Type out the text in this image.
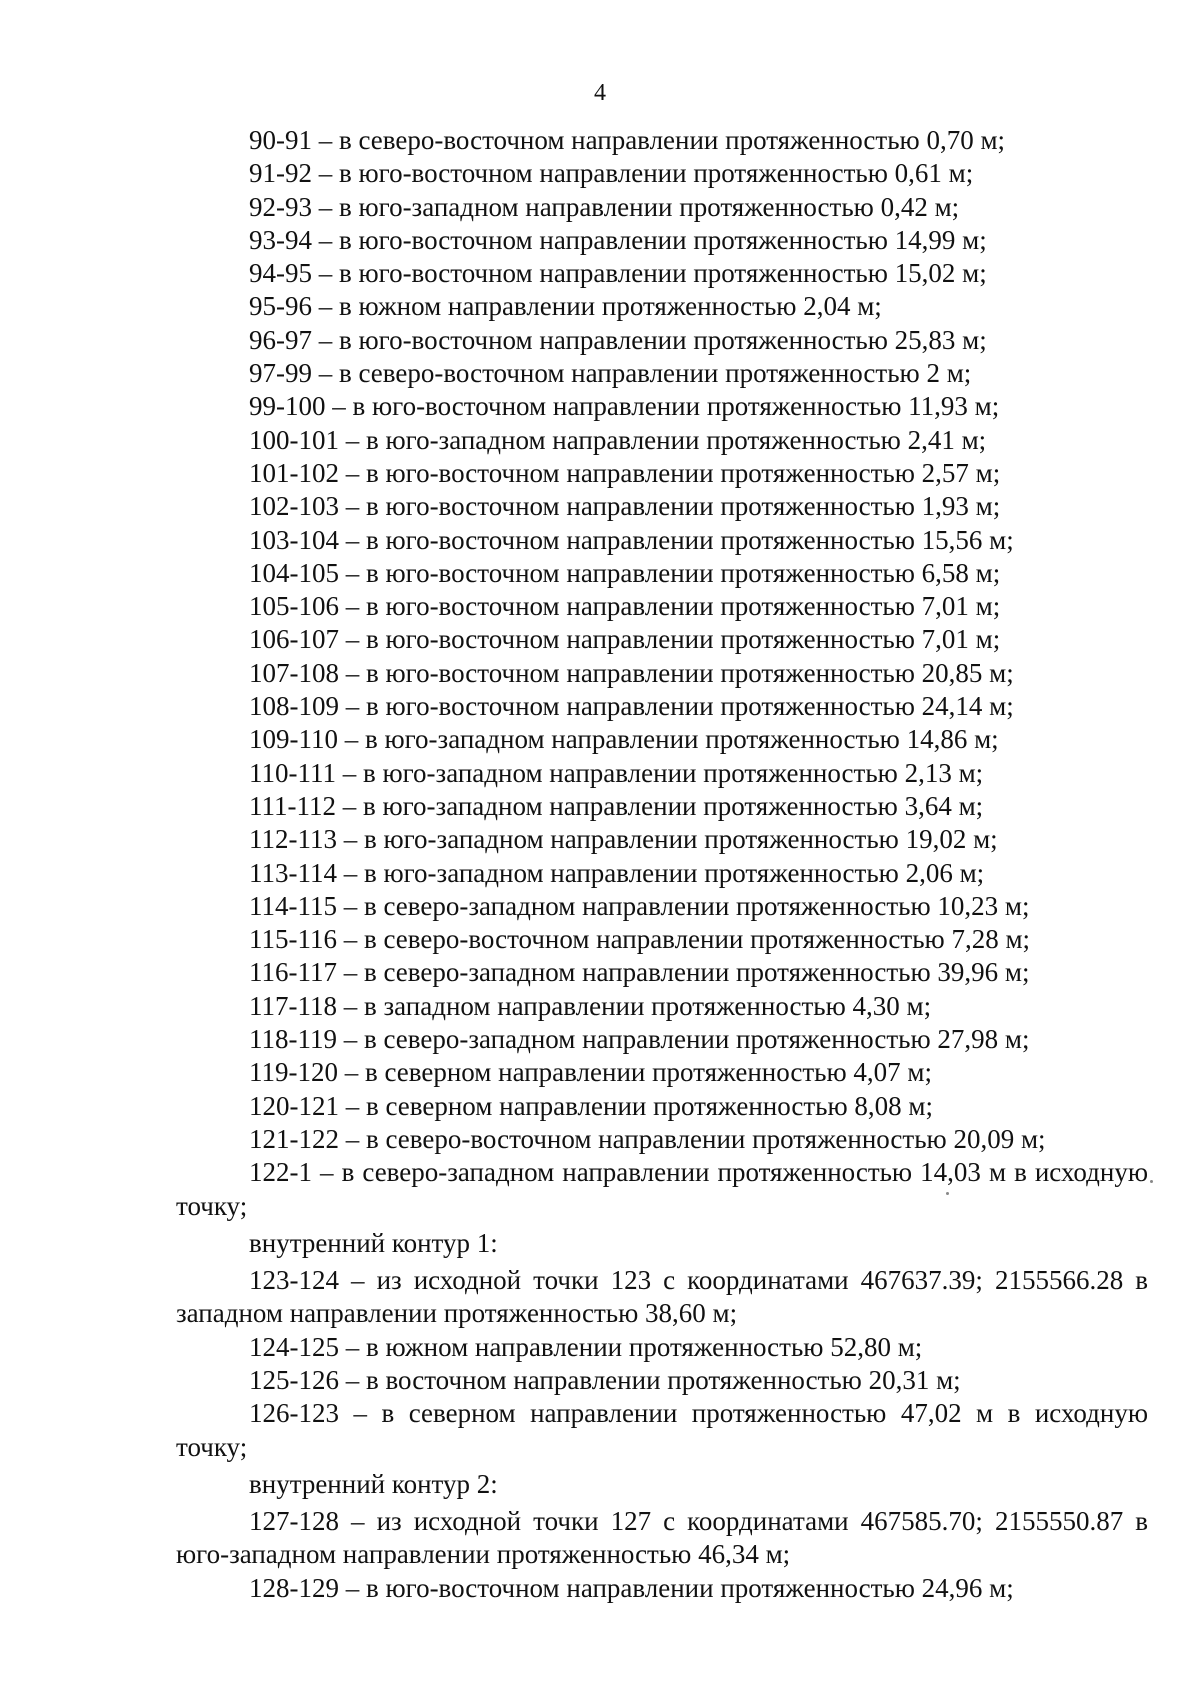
4
90-91 – в северо-восточном направлении протяженностью 0,70 м;
91-92 – в юго-восточном направлении протяженностью 0,61 м;
92-93 – в юго-западном направлении протяженностью 0,42 м;
93-94 – в юго-восточном направлении протяженностью 14,99 м;
94-95 – в юго-восточном направлении протяженностью 15,02 м;
95-96 – в южном направлении протяженностью 2,04 м;
96-97 – в юго-восточном направлении протяженностью 25,83 м;
97-99 – в северо-восточном направлении протяженностью 2 м;
99-100 – в юго-восточном направлении протяженностью 11,93 м;
100-101 – в юго-западном направлении протяженностью 2,41 м;
101-102 – в юго-восточном направлении протяженностью 2,57 м;
102-103 – в юго-восточном направлении протяженностью 1,93 м;
103-104 – в юго-восточном направлении протяженностью 15,56 м;
104-105 – в юго-восточном направлении протяженностью 6,58 м;
105-106 – в юго-восточном направлении протяженностью 7,01 м;
106-107 – в юго-восточном направлении протяженностью 7,01 м;
107-108 – в юго-восточном направлении протяженностью 20,85 м;
108-109 – в юго-восточном направлении протяженностью 24,14 м;
109-110 – в юго-западном направлении протяженностью 14,86 м;
110-111 – в юго-западном направлении протяженностью 2,13 м;
111-112 – в юго-западном направлении протяженностью 3,64 м;
112-113 – в юго-западном направлении протяженностью 19,02 м;
113-114 – в юго-западном направлении протяженностью 2,06 м;
114-115 – в северо-западном направлении протяженностью 10,23 м;
115-116 – в северо-восточном направлении протяженностью 7,28 м;
116-117 – в северо-западном направлении протяженностью 39,96 м;
117-118 – в западном направлении протяженностью 4,30 м;
118-119 – в северо-западном направлении протяженностью 27,98 м;
119-120 – в северном направлении протяженностью 4,07 м;
120-121 – в северном направлении протяженностью 8,08 м;
121-122 – в северо-восточном направлении протяженностью 20,09 м;
122-1 – в северо-западном направлении протяженностью 14,03 м в исходную точку;
внутренний контур 1:
123-124 – из исходной точки 123 с координатами 467637.39; 2155566.28 в западном направлении протяженностью 38,60 м;
124-125 – в южном направлении протяженностью 52,80 м;
125-126 – в восточном направлении протяженностью 20,31 м;
126-123 – в северном направлении протяженностью 47,02 м в исходную точку;
внутренний контур 2:
127-128 – из исходной точки 127 с координатами 467585.70; 2155550.87 в юго-западном направлении протяженностью 46,34 м;
128-129 – в юго-восточном направлении протяженностью 24,96 м;
